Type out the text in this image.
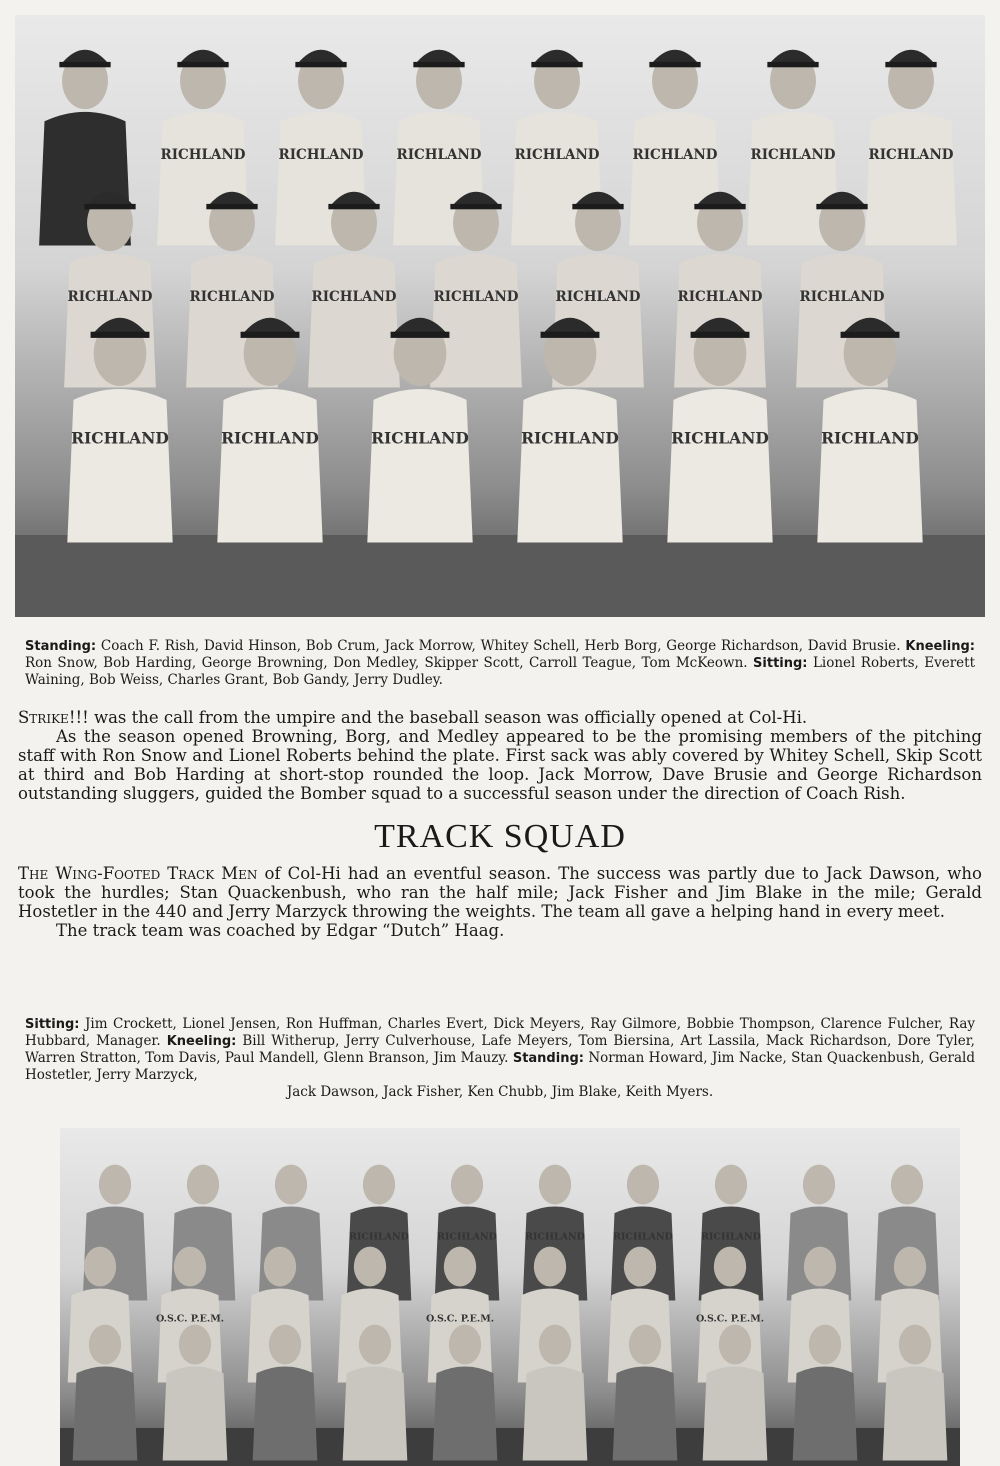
RICHLAND RICHLAND RICHLAND RICHLAND RICHLAND RICHLAND RICHLAND
RICHLAND	RICHLAND	RICHLAND	RICHLAND	RICHLAND	RICHLAND	RICHLAND
RICHLAND	RICHLAND	RICHLAND	RICHLAND	RICHLAND	RICHLAND
Standing: Coach F. Rish, David Hinson, Bob Crum, Jack Morrow, Whitey Schell, Herb Borg, George Richardson, David Brusie. Kneeling: Ron Snow, Bob Harding, George Browning, Don Medley, Skipper Scott, Carroll Teague, Tom McKeown. Sitting: Lionel Roberts, Everett Waining, Bob Weiss, Charles Grant, Bob Gandy, Jerry Dudley.

Strike!!! was the call from the umpire and the baseball season was officially opened at Col-Hi.

As the season opened Browning, Borg, and Medley appeared to be the promising members of the pitching staff with Ron Snow and Lionel Roberts behind the plate. First sack was ably covered by Whitey Schell, Skip Scott at third and Bob Harding at short-stop rounded the loop. Jack Morrow, Dave Brusie and George Richardson outstanding sluggers, guided the Bomber squad to a successful season under the direction of Coach Rish.

TRACK SQUAD

The Wing-Footed Track Men of Col-Hi had an eventful season. The success was partly due to Jack Dawson, who took the hurdles; Stan Quackenbush, who ran the half mile; Jack Fisher and Jim Blake in the mile; Gerald Hostetler in the 440 and Jerry Marzyck throwing the weights. The team all gave a helping hand in every meet.

The track team was coached by Edgar “Dutch” Haag.

Sitting: Jim Crockett, Lionel Jensen, Ron Huffman, Charles Evert, Dick Meyers, Ray Gilmore, Bobbie Thompson, Clarence Fulcher, Ray Hubbard, Manager. Kneeling: Bill Witherup, Jerry Culverhouse, Lafe Meyers, Tom Biersina, Art Lassila, Mack Richardson, Dore Tyler, Warren Stratton, Tom Davis, Paul Mandell, Glenn Branson, Jim Mauzy. Standing: Norman Howard, Jim Nacke, Stan Quackenbush, Gerald Hostetler, Jerry Marzyck,
Jack Dawson, Jack Fisher, Ken Chubb, Jim Blake, Keith Myers.
RICHLAND	RICHLAND	RICHLAND	RICHLAND	RICHLAND
O.S.C. P.E.M.	O.S.C. P.E.M.	O.S.C. P.E.M.
